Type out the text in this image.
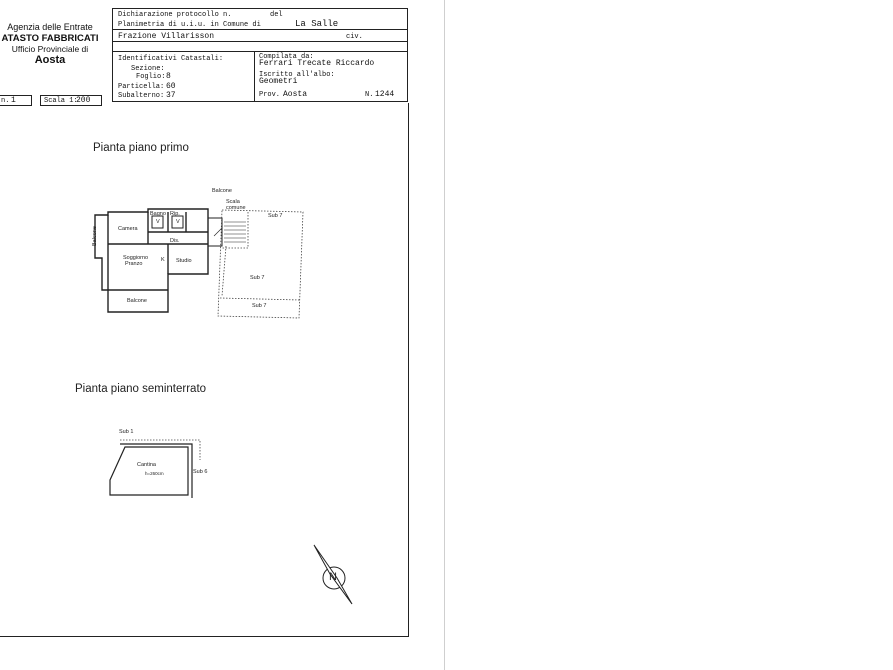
Agenzia delle Entrate
ATASTO FABBRICATI
Ufficio Provinciale di
Aosta
Dichiarazione protocollo n.	del
Planimetria di u.i.u. in Comune di	La Salle
Frazione Villarisson	civ.
Identificativi Catastali:
Sezione:
Foglio: 8
Particella: 60
Subalterno: 37
Compilata da:
Ferrari Trecate Riccardo
Iscritto all'albo:
Geometri
Prov. Aosta	N. 1244
n. 1	Scala 1:
200
Pianta piano primo
Pianta piano seminterrato
Balcone
Scala
comune
Sub 7
Camera
Bagno Rip.
V	V
Dis.
Balcone
Soggiorno
Pranzo
K Studio
Sub 7
Sub 7
Balcone
Sub 1
Cantina
h=260cm	Sub 6
N
